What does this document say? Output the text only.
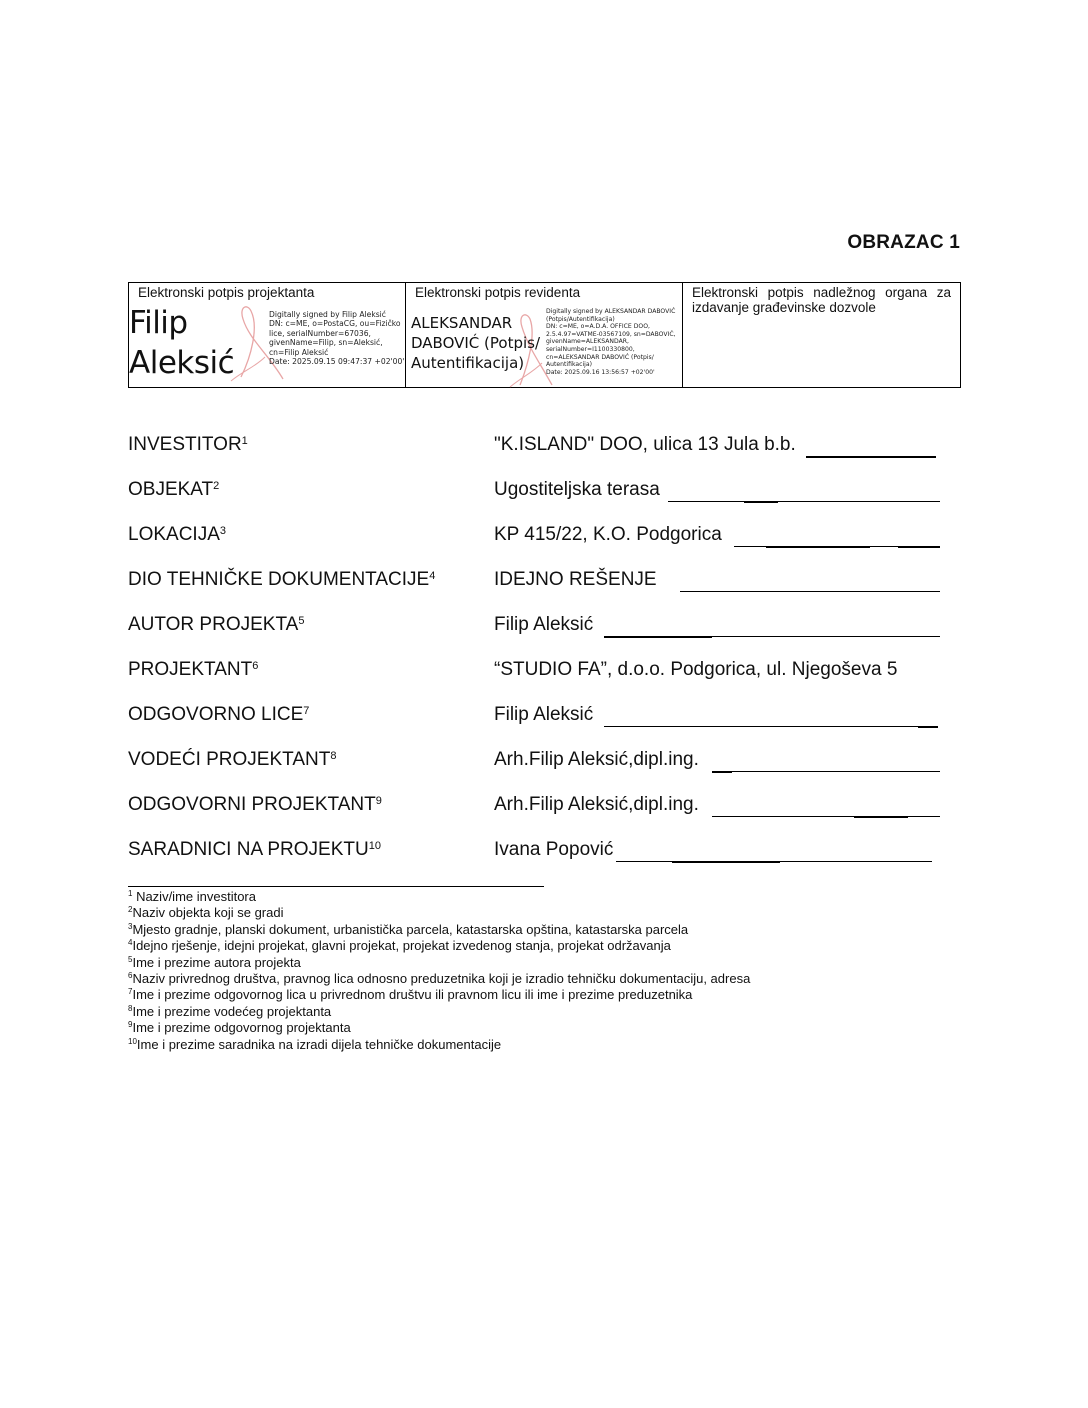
OBRAZAC 1
Elektronski potpis projektanta
Filip
Aleksić
Digitally signed by Filip Aleksić
DN: c=ME, o=PostaCG, ou=Fizičko
lice, serialNumber=67036,
givenName=Filip, sn=Aleksić,
cn=Filip Aleksić
Date: 2025.09.15 09:47:37 +02'00'

Elektronski potpis revidenta
ALEKSANDAR
DABOVIĆ (Potpis/
Autentifikacija)
Digitally signed by ALEKSANDAR DABOVIĆ
(Potpis/Autentifikacija)
DN: c=ME, o=A.D.A. OFFICE DOO,
2.5.4.97=VATME-03567109, sn=DABOVIĆ,
givenName=ALEKSANDAR,
serialNumber=I1100330800,
cn=ALEKSANDAR DABOVIĆ (Potpis/
Autentifikacija)
Date: 2025.09.16 13:56:57 +02'00'

Elektronski potpis nadležnog organa za izdavanje građevinske dozvole
INVESTITOR$^1$	"K.ISLAND" DOO, ulica 13 Jula b.b.
OBJEKAT$^2$	Ugostiteljska terasa
LOKACIJA$^3$	KP 415/22, K.O. Podgorica
DIO TEHNIČKE DOKUMENTACIJE$^4$	IDEJNO REŠENJE
AUTOR PROJEKTA$^5$	Filip Aleksić
PROJEKTANT$^6$	“STUDIO FA”, d.o.o. Podgorica, ul. Njegoševa 5
ODGOVORNO LICE$^7$	Filip Aleksić
VODEĆI PROJEKTANT$^8$	Arh.Filip Aleksić,dipl.ing.
ODGOVORNI PROJEKTANT$^9$	Arh.Filip Aleksić,dipl.ing.
SARADNICI NA PROJEKTU$^{10}$	Ivana Popović
$^1$ Naziv/ime investitora
$^2$Naziv objekta koji se gradi
$^3$Mjesto gradnje, planski dokument, urbanistička parcela, katastarska opština, katastarska parcela
$^4$Idejno rješenje, idejni projekat, glavni projekat, projekat izvedenog stanja, projekat održavanja
$^5$Ime i prezime autora projekta
$^6$Naziv privrednog društva, pravnog lica odnosno preduzetnika koji je izradio tehničku dokumentaciju, adresa
$^7$Ime i prezime odgovornog lica u privrednom društvu ili pravnom licu ili ime i prezime preduzetnika
$^8$Ime i prezime vodećeg projektanta
$^9$Ime i prezime odgovornog projektanta
$^{10}$Ime i prezime saradnika na izradi dijela tehničke dokumentacije
